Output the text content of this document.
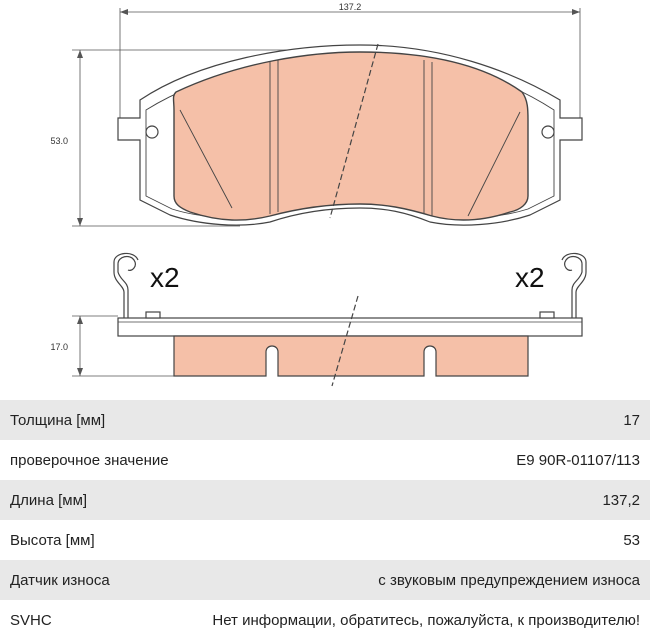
137.2
53.0
x2	x2
17.0
Толщина [мм]	17
проверочное значение	E9 90R-01107/113
Длина [мм]	137,2
Высота [мм]	53
Датчик износа	с звуковым предупреждением износа
SVHC	Нет информации, обратитесь, пожалуйста, к производителю!
